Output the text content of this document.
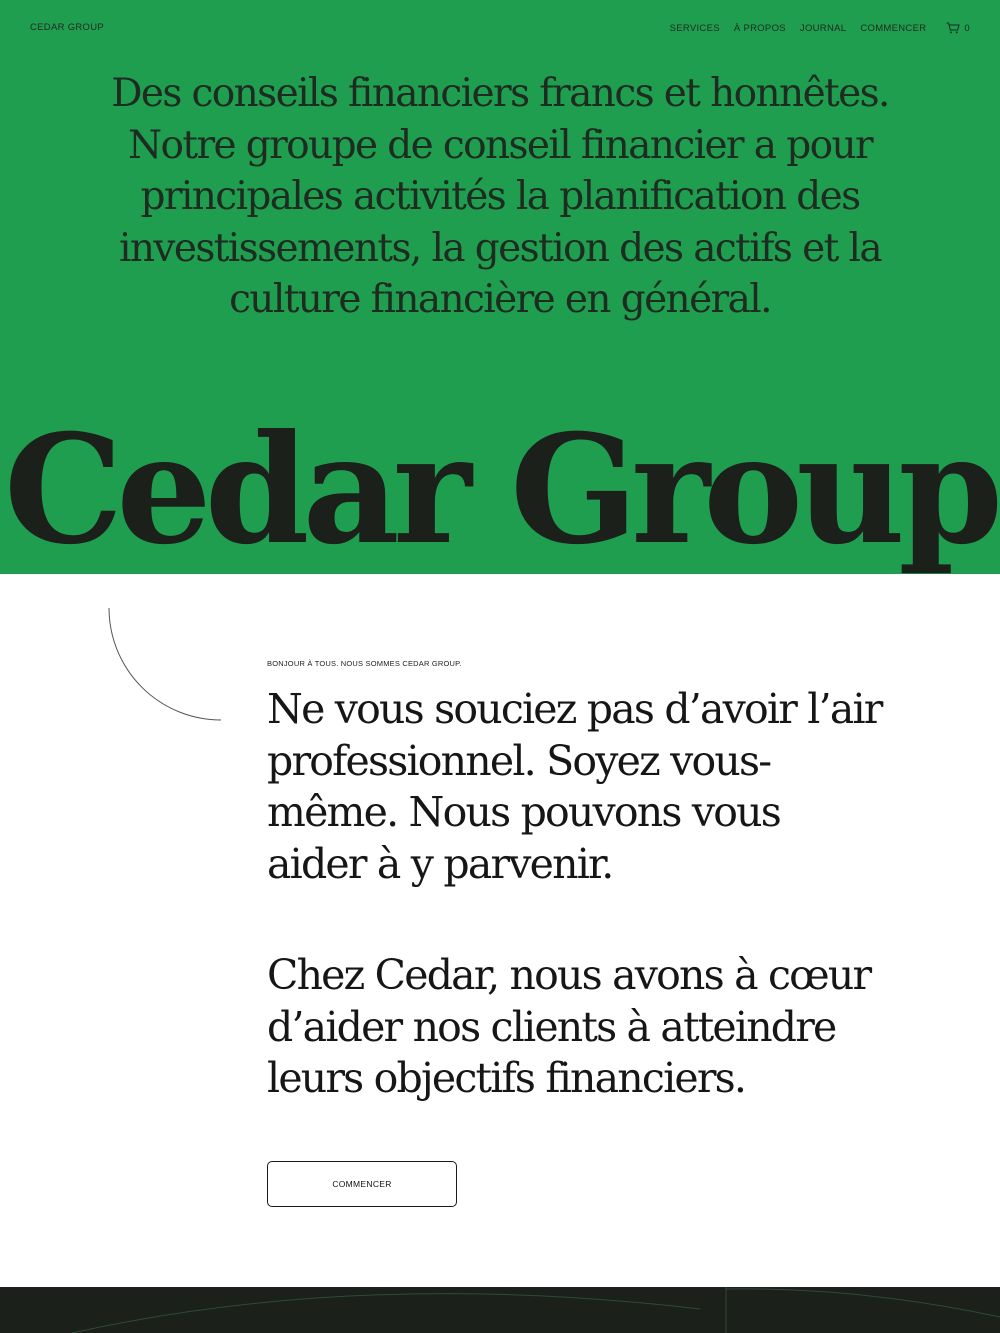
CEDAR GROUP	SERVICES À PROPOS JOURNAL COMMENCER	0
Des conseils financiers francs et honnêtes.
Notre groupe de conseil financier a pour
principales activités la planification des
investissements, la gestion des actifs et la
culture financière en général.
Cedar Group
BONJOUR À TOUS. NOUS SOMMES CEDAR GROUP.

Ne vous souciez pas d’avoir l’air
professionnel. Soyez vous-
même. Nous pouvons vous
aider à y parvenir.

Chez Cedar, nous avons à cœur
d’aider nos clients à atteindre
leurs objectifs financiers.

COMMENCER
